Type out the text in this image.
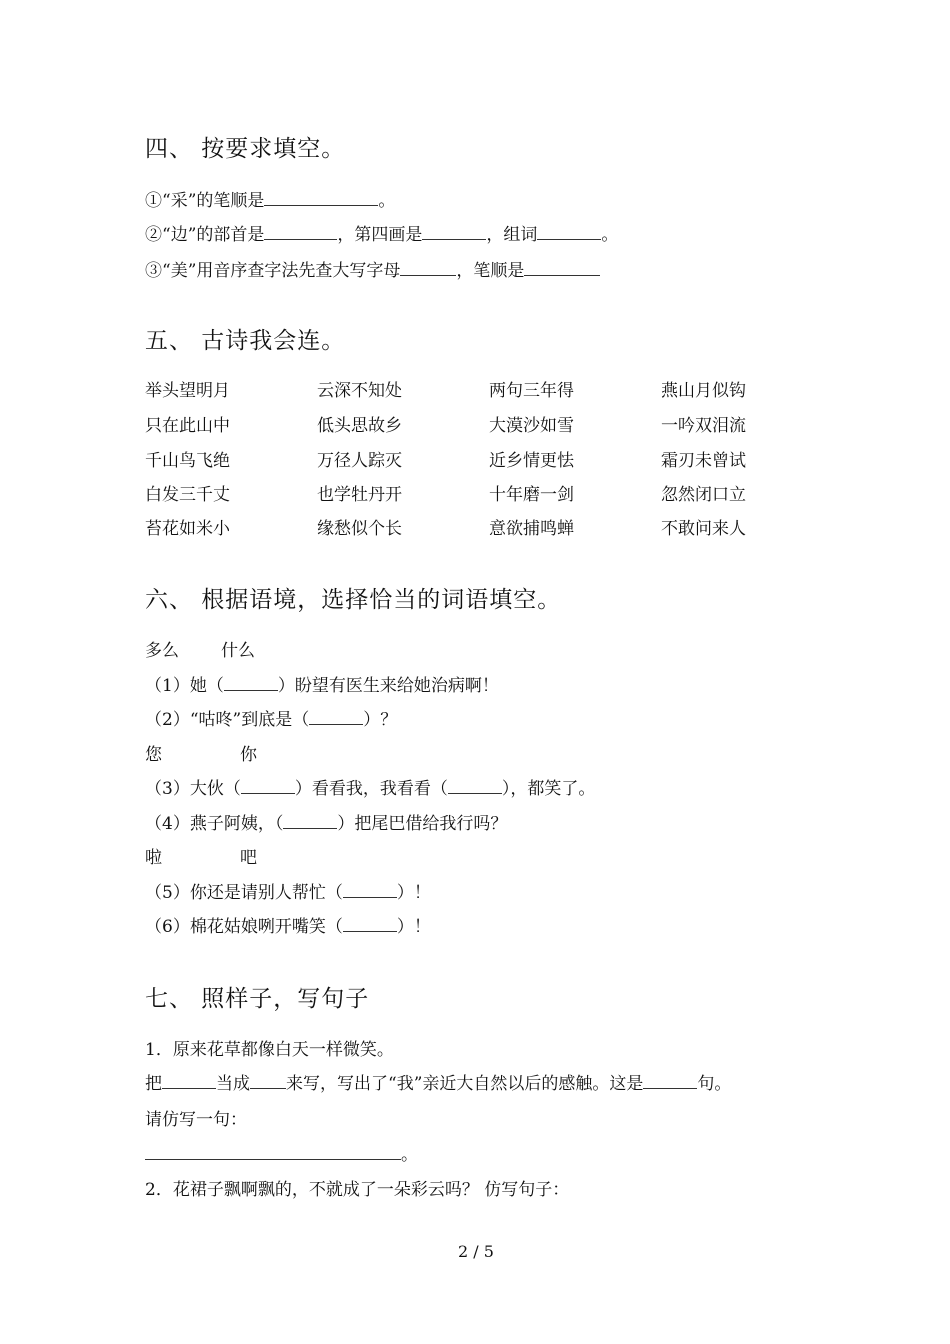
四、 按要求填空。
①“采”的笔顺是	。
②“边”的部首是	，第四画是	，组词	。
③“美”用音序查字法先查大写字母	，笔顺是
五、 古诗我会连。
举头望明月	云深不知处	两句三年得	燕山月似钩
只在此山中	低头思故乡	大漠沙如雪	一吟双泪流
千山鸟飞绝	万径人踪灭	近乡情更怯	霜刃未曾试
白发三千丈	也学牡丹开	十年磨一剑	忽然闭口立
苔花如米小	缘愁似个长	意欲捕鸣蝉	不敢问来人
六、 根据语境，选择恰当的词语填空。
多么 什么
（1）她（	）盼望有医生来给她治病啊！
（2）“咕咚”到底是（	）？
您	你
（3）大伙（	）看看我，我看看（	），都笑了。
（4）燕子阿姨，（	）把尾巴借给我行吗？
啦	吧
（5）你还是请别人帮忙（	）！
（6）棉花姑娘咧开嘴笑（	）！
七、 照样子，写句子
1．原来花草都像白天一样微笑。
把	当成 来写，写出了“我”亲近大自然以后的感触。这是	句。
请仿写一句：
。
2．花裙子飘啊飘的，不就成了一朵彩云吗？ 仿写句子：
2 / 5
